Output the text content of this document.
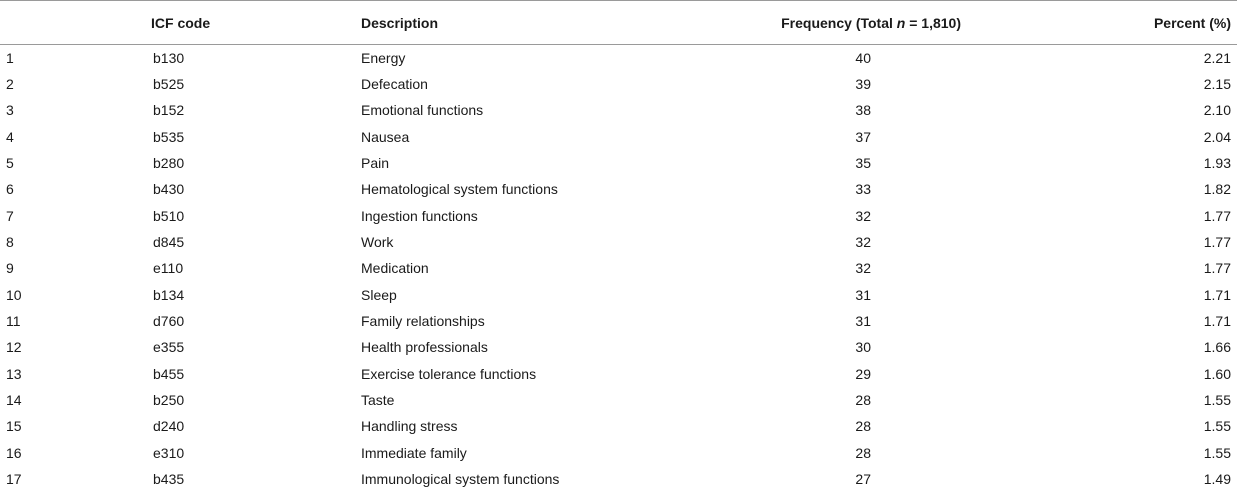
	ICF code	Description	Frequency (Total n = 1,810)	Percent (%)
1	b130	Energy	40	2.21
2	b525	Defecation	39	2.15
3	b152	Emotional functions	38	2.10
4	b535	Nausea	37	2.04
5	b280	Pain	35	1.93
6	b430	Hematological system functions	33	1.82
7	b510	Ingestion functions	32	1.77
8	d845	Work	32	1.77
9	e110	Medication	32	1.77
10	b134	Sleep	31	1.71
11	d760	Family relationships	31	1.71
12	e355	Health professionals	30	1.66
13	b455	Exercise tolerance functions	29	1.60
14	b250	Taste	28	1.55
15	d240	Handling stress	28	1.55
16	e310	Immediate family	28	1.55
17	b435	Immunological system functions	27	1.49
